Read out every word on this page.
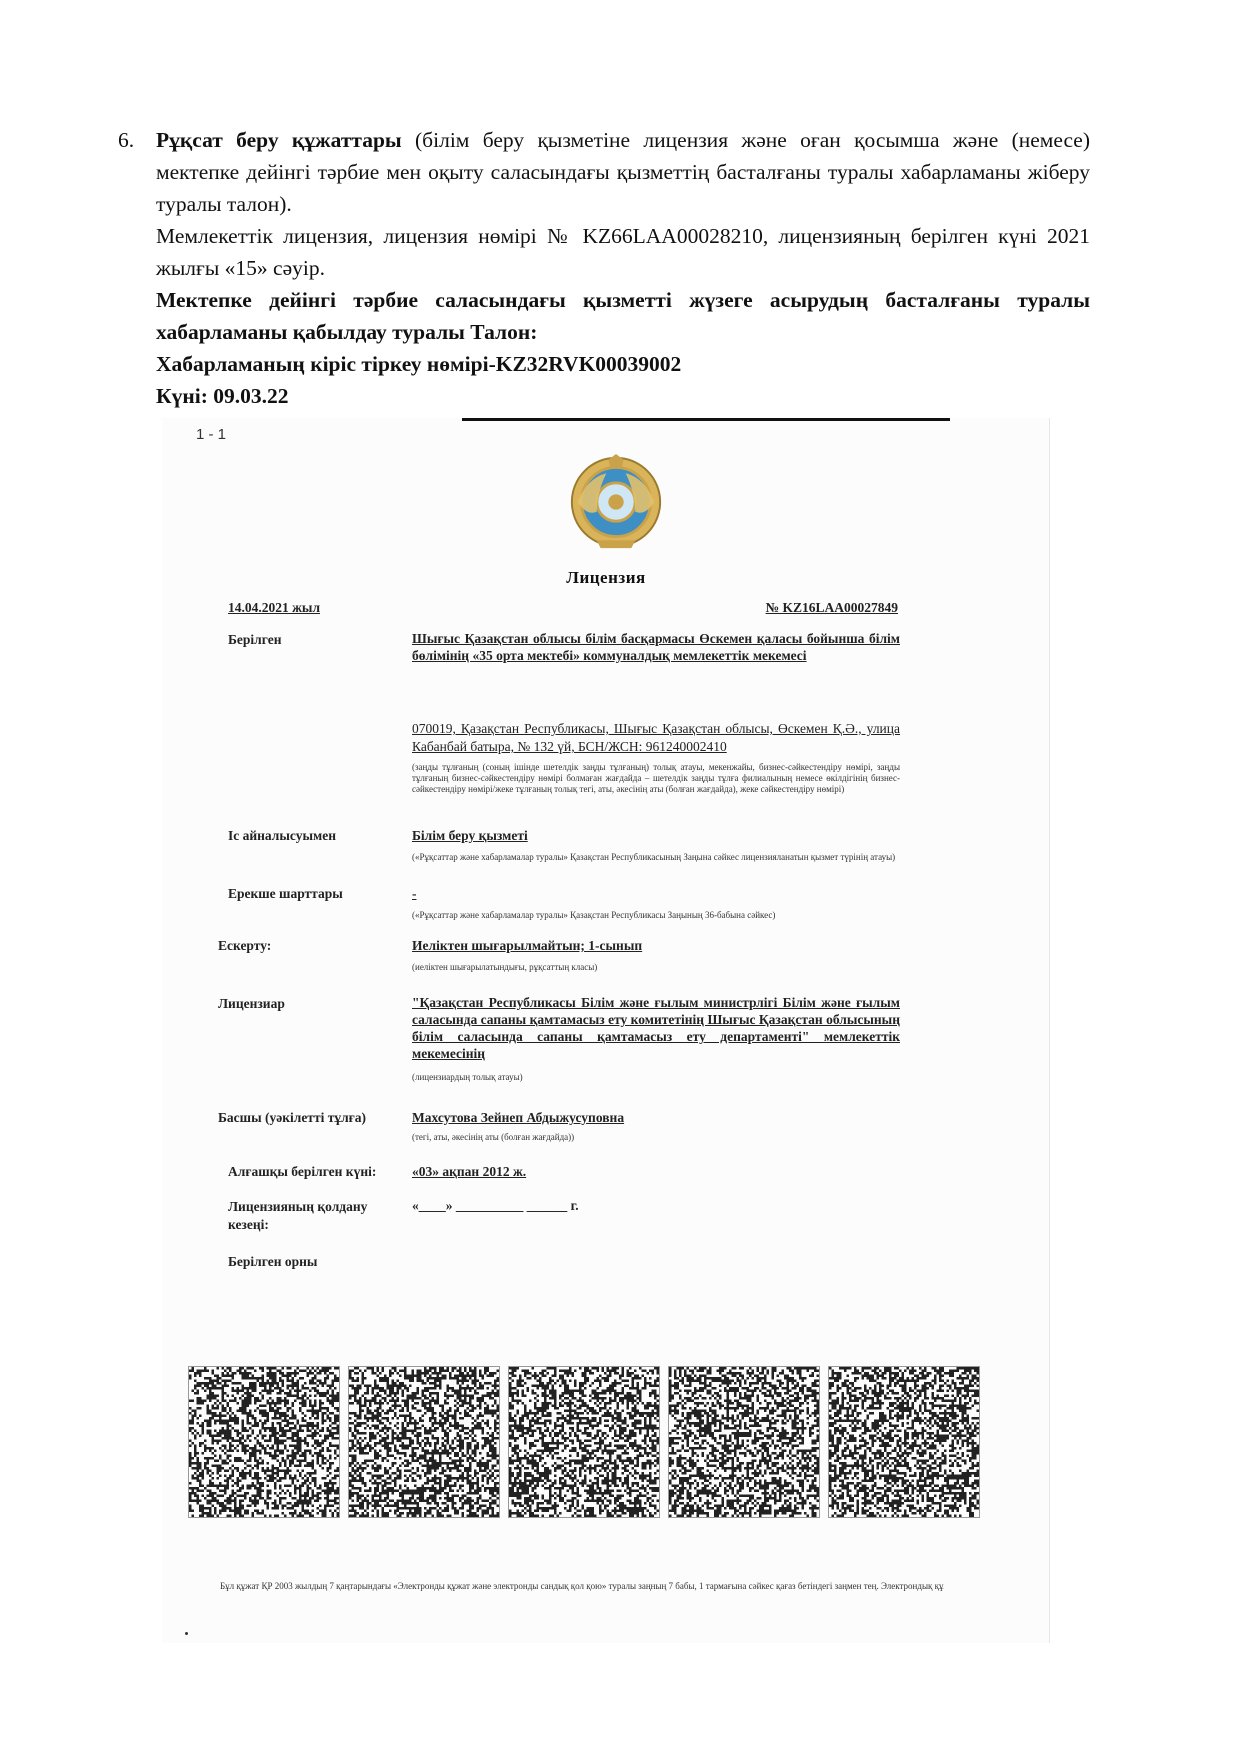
6. Рұқсат беру құжаттары (білім беру қызметіне лицензия және оған қосымша және (немесе) мектепке дейінгі тәрбие мен оқыту саласындағы қызметтің басталғаны туралы хабарламаны жіберу туралы талон).

Мемлекеттік лицензия, лицензия нөмірі № KZ66LAA00028210, лицензияның берілген күні 2021 жылғы «15» сәуір.

Мектепке дейінгі тәрбие саласындағы қызметті жүзеге асырудың басталғаны туралы хабарламаны қабылдау туралы Талон:

Хабарламаның кіріс тіркеу нөмірі-KZ32RVK00039002

Күні: 09.03.22

1 - 1
Лицензия
14.04.2021 жыл	№ KZ16LAA00027849
Берілген	Шығыс Қазақстан облысы білім басқармасы Өскемен қаласы бойынша білім бөлімінің «35 орта мектебі» коммуналдық мемлекеттік мекемесі
070019, Қазақстан Республикасы, Шығыс Қазақстан облысы, Өскемен Қ.Ә., улица Кабанбай батыра, № 132 үй, БСН/ЖСН: 961240002410
(заңды тұлғаның (соның ішінде шетелдік заңды тұлғаның) толық атауы, мекенжайы, бизнес-сәйкестендіру нөмірі, заңды тұлғаның бизнес-сәйкестендіру нөмірі болмаған жағдайда – шетелдік заңды тұлға филиалының немесе өкілдігінің бизнес-сәйкестендіру нөмірі/жеке тұлғаның толық тегі, аты, әкесінің аты (болған жағдайда), жеке сәйкестендіру нөмірі)
Іс айналысуымен	Білім беру қызметі
(«Рұқсаттар және хабарламалар туралы» Қазақстан Республикасының Заңына сәйкес лицензияланатын қызмет түрінің атауы)
Ерекше шарттары	-
(«Рұқсаттар және хабарламалар туралы» Қазақстан Республикасы Заңының 36-бабына сәйкес)
Ескерту:	Иеліктен шығарылмайтын; 1-сынып
(иеліктен шығарылатындығы, рұқсаттың класы)
Лицензиар	"Қазақстан Республикасы Білім және ғылым министрлігі Білім және ғылым саласында сапаны қамтамасыз ету комитетінің Шығыс Қазақстан облысының білім саласында сапаны қамтамасыз ету департаменті" мемлекеттік мекемесінің
(лицензиардың толық атауы)
Басшы (уәкілетті тұлға)	Махсутова Зейнеп Абдыжусуповна
(тегі, аты, әкесінің аты (болған жағдайда))
Алғашқы берілген күні:	«03» ақпан 2012 ж.
Лицензияның қолдану кезеңі:
«____» __________ ______ г.
Берілген орны
Бұл құжат ҚР 2003 жылдың 7 қаңтарындағы «Электронды құжат және электронды сандық қол қою» туралы заңның 7 бабы, 1 тармағына сәйкес қағаз бетіндегі заңмен тең. Электрондық құ
